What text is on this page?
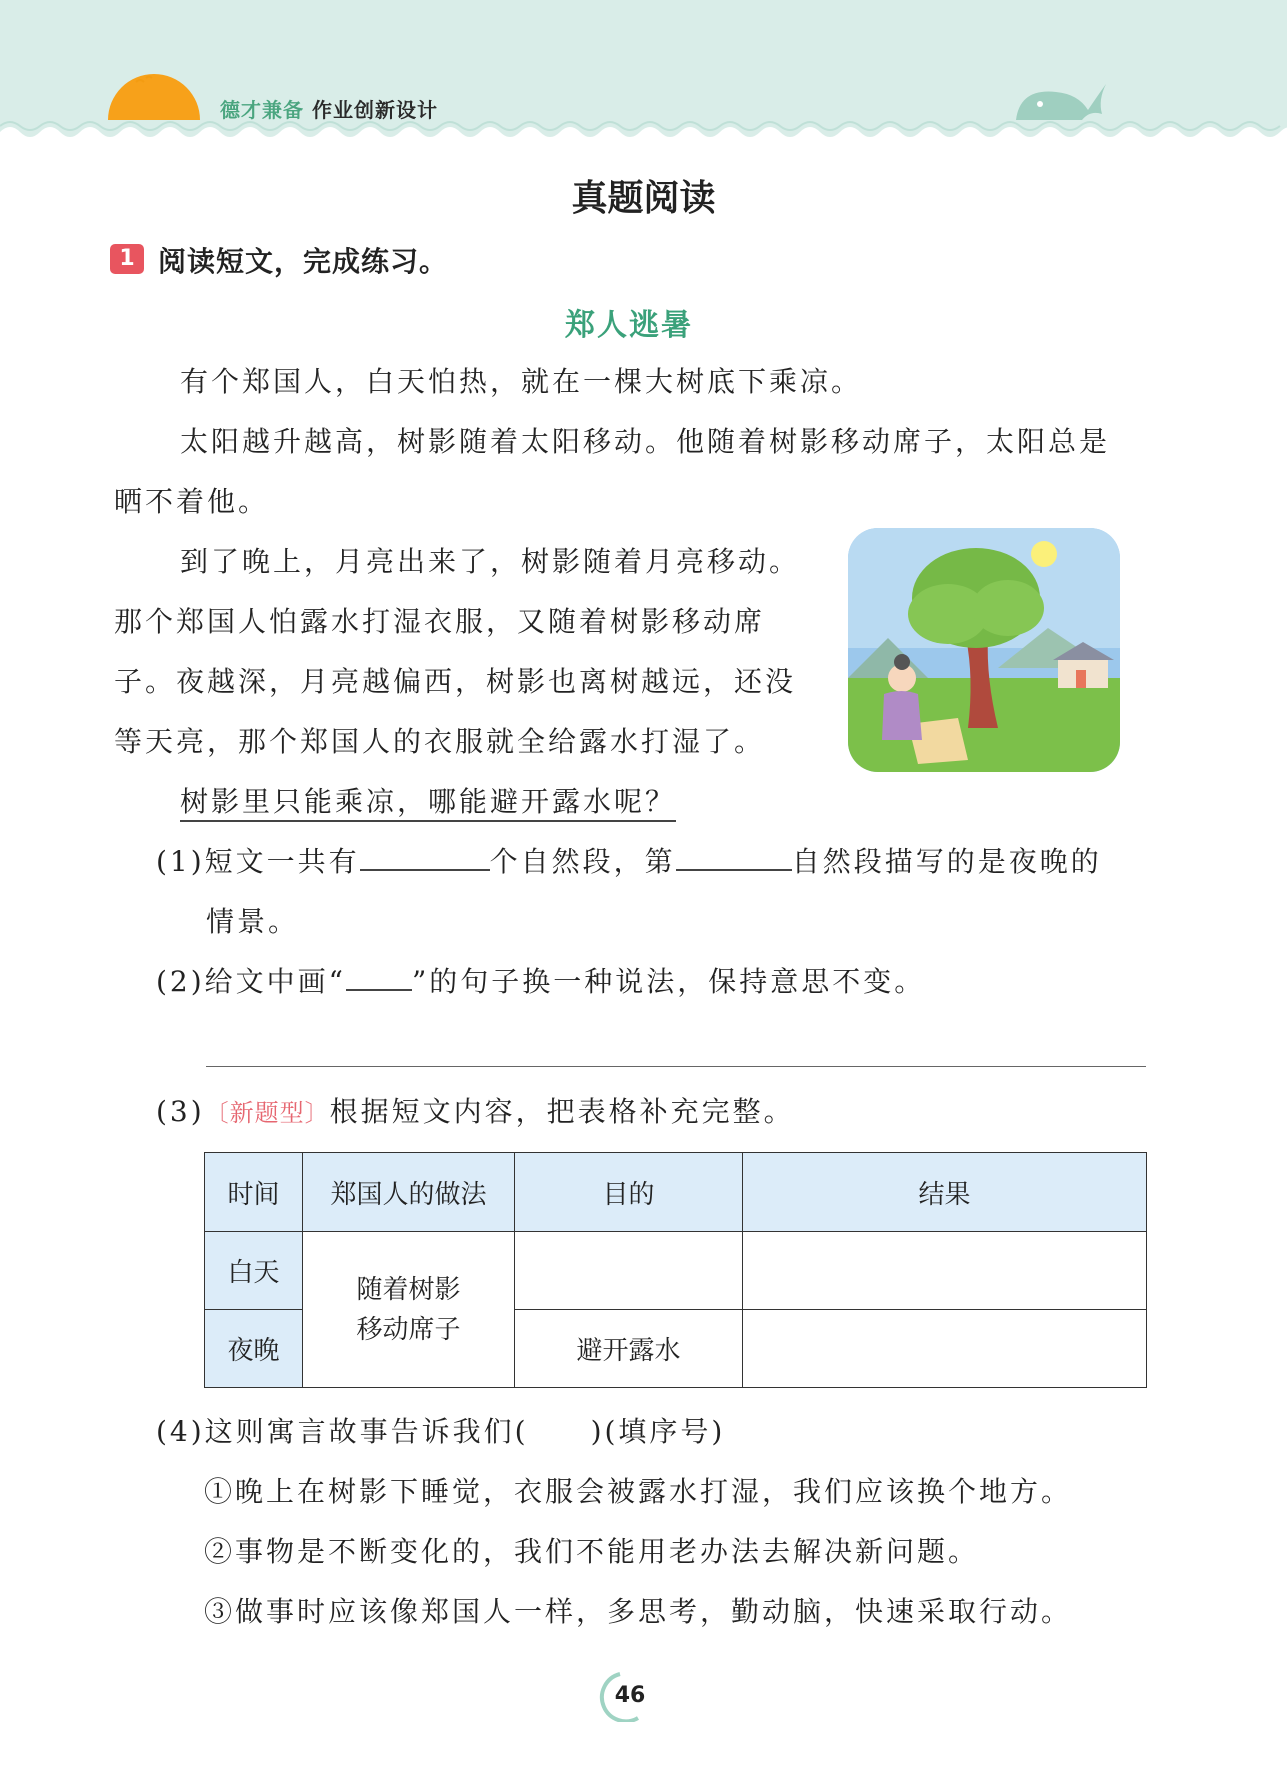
德才兼备 作业创新设计
真题阅读
1 阅读短文，完成练习。
郑人逃暑
有个郑国人，白天怕热，就在一棵大树底下乘凉。
太阳越升越高，树影随着太阳移动。他随着树影移动席子，太阳总是
晒不着他。
到了晚上，月亮出来了，树影随着月亮移动。
那个郑国人怕露水打湿衣服，又随着树影移动席
子。夜越深，月亮越偏西，树影也离树越远，还没
等天亮，那个郑国人的衣服就全给露水打湿了。
树影里只能乘凉，哪能避开露水呢？
(1)短文一共有	个自然段，第	自然段描写的是夜晚的
情景。
(2)给文中画“ ”的句子换一种说法，保持意思不变。
(3)〔新题型〕根据短文内容，把表格补充完整。
时间	郑国人的做法	目的	结果
白天	随着树影移动席子		
夜晚		避开露水	
(4)这则寓言故事告诉我们(　　)(填序号)
①晚上在树影下睡觉，衣服会被露水打湿，我们应该换个地方。
②事物是不断变化的，我们不能用老办法去解决新问题。
③做事时应该像郑国人一样，多思考，勤动脑，快速采取行动。
46
